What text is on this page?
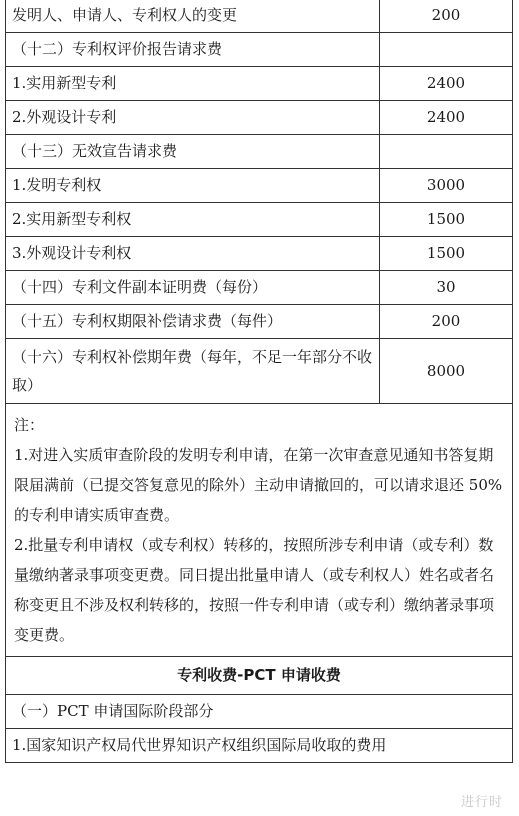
发明人、申请人、专利权人的变更	200
（十二）专利权评价报告请求费	
1.实用新型专利	2400
2.外观设计专利	2400
（十三）无效宣告请求费	
1.发明专利权	3000
2.实用新型专利权	1500
3.外观设计专利权	1500
（十四）专利文件副本证明费（每份）	30
（十五）专利权期限补偿请求费（每件）	200
（十六）专利权补偿期年费（每年，不足一年部分不收取）	8000

注：

1.对进入实质审查阶段的发明专利申请，在第一次审查意见通知书答复期限届满前（已提交答复意见的除外）主动申请撤回的，可以请求退还 50%的专利申请实质审查费。

2.批量专利申请权（或专利权）转移的，按照所涉专利申请（或专利）数量缴纳著录事项变更费。同日提出批量申请人（或专利权人）姓名或者名称变更且不涉及权利转移的，按照一件专利申请（或专利）缴纳著录事项变更费。	

专利收费-PCT 申请收费	
（一）PCT 申请国际阶段部分	
1.国家知识产权局代世界知识产权组织国际局收取的费用	
进行时
